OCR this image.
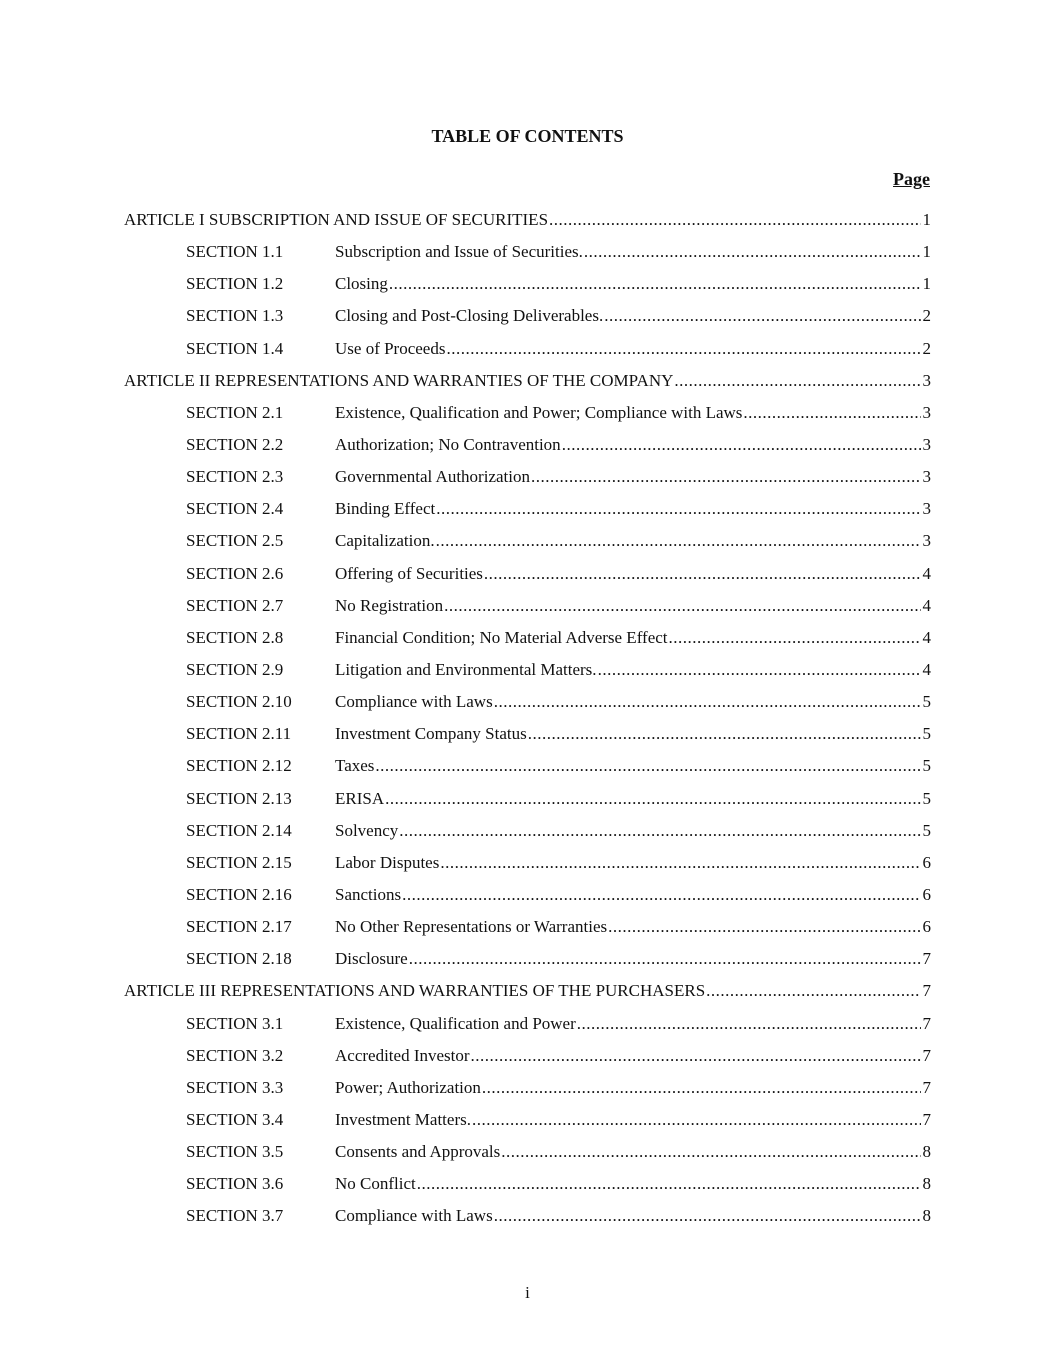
TABLE OF CONTENTS
Page
ARTICLE I SUBSCRIPTION AND ISSUE OF SECURITIES .....	1
SECTION 1.1	Subscription and Issue of Securities. .....	1
SECTION 1.2	Closing .....	1
SECTION 1.3	Closing and Post-Closing Deliverables. .....	2
SECTION 1.4	Use of Proceeds .....	2
ARTICLE II REPRESENTATIONS AND WARRANTIES OF THE COMPANY .....	3
SECTION 2.1	Existence, Qualification and Power; Compliance with Laws .....	3
SECTION 2.2	Authorization; No Contravention .....	3
SECTION 2.3	Governmental Authorization .....	3
SECTION 2.4	Binding Effect .....	3
SECTION 2.5	Capitalization. .....	3
SECTION 2.6	Offering of Securities .....	4
SECTION 2.7	No Registration .....	4
SECTION 2.8	Financial Condition; No Material Adverse Effect .....	4
SECTION 2.9	Litigation and Environmental Matters. .....	4
SECTION 2.10	Compliance with Laws .....	5
SECTION 2.11	Investment Company Status .....	5
SECTION 2.12	Taxes .....	5
SECTION 2.13	ERISA .....	5
SECTION 2.14	Solvency .....	5
SECTION 2.15	Labor Disputes .....	6
SECTION 2.16	Sanctions .....	6
SECTION 2.17	No Other Representations or Warranties .....	6
SECTION 2.18	Disclosure .....	7
ARTICLE III REPRESENTATIONS AND WARRANTIES OF THE PURCHASERS .....	7
SECTION 3.1	Existence, Qualification and Power .....	7
SECTION 3.2	Accredited Investor .....	7
SECTION 3.3	Power; Authorization .....	7
SECTION 3.4	Investment Matters. .....	7
SECTION 3.5	Consents and Approvals .....	8
SECTION 3.6	No Conflict .....	8
SECTION 3.7	Compliance with Laws .....	8
i
